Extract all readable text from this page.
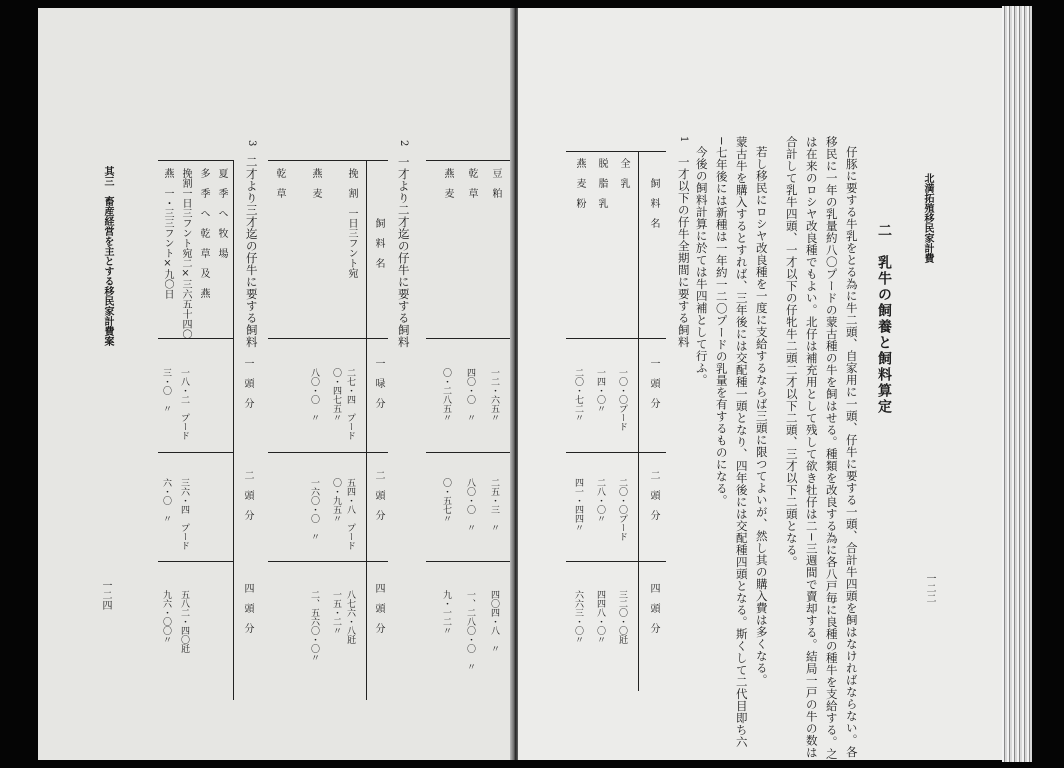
其三　畜産経営を主とする移民家計費案
一二四
夏　季　へ　牧　場
多　季　へ　乾　草　及　燕
挽割一日三フント宛二×三六五十四〇
燕　一・三三フント×九〇日
一　頭　分
二　頭　分
四　頭　分
一八・二　プード
三・〇　〃
三六・四　プード
六・〇　〃
五八二・四〇瓩
九六・〇〇〃
3
二才より三才迄の仔牛に要する飼料	飼　料　名
一　㖨　分
二　頭　分
四　頭　分
挽　割　一日三フント宛
燕　麦
乾　草
二七・四　プード
〇・四七五〃
八〇・〇　〃
五四・八　プード
〇・九五〃
一六〇・〇　〃
八七六・八瓩
一五・二〃
二、五六〇・〇〃
2
一才より二才迄の仔牛に要する飼料	豆　粕
乾　草
燕　麦
一二・六五〃
四〇・〇　〃
〇・二八五〃
二五・三　〃
八〇・〇　〃
〇・五七〃
四〇四・八　〃
一、二八〇・〇　〃
九・一二〃
飼　料　名
一　頭　分
二　頭　分
四　頭　分
全　乳
脱　脂　乳
燕　麦　粉
一〇・〇プード
一四・〇〃
二〇・七二〃
二〇・〇プード
二八・〇〃
四一・四四〃
三二〇・〇瓩
四四八・〇〃
六六三・〇〃
1
一才以下の仔牛全期間に要する飼料 今後の飼料計算に於ては牛四補として行ふ。 −七年後には新種は一年約一二〇プードの乳量を有するものになる。 蒙古牛を購入するとすれば、三年後には交配種一頭となり、四年後には交配種四頭となる。斯くして二代目即ち六 若し移民にロシヤ改良種を一度に支給するならば三頭に限つてよいが、然し其の購入費は多くなる。 合計して乳牛四頭、一才以下の仔牝牛二頭二才以下二頭、三才以下二頭となる。 は在来のロシヤ改良種でもよい。北仔は補充用として残して欲き牡仔は二−三週間で賣却する。結局一戸の牛の数は 移民に一年の乳量約八〇プードの蒙古種の牛を飼はせる。種類を改良する為に各八戸毎に良種の種牛を支給する。之 仔豚に要する牛乳をとる為に牛二頭、自家用に一頭、仔牛に要する一頭、合計牛四頭を飼はなければならない。各 二　乳牛の飼養と飼料算定
北満拓殖移民家計費
一二二
